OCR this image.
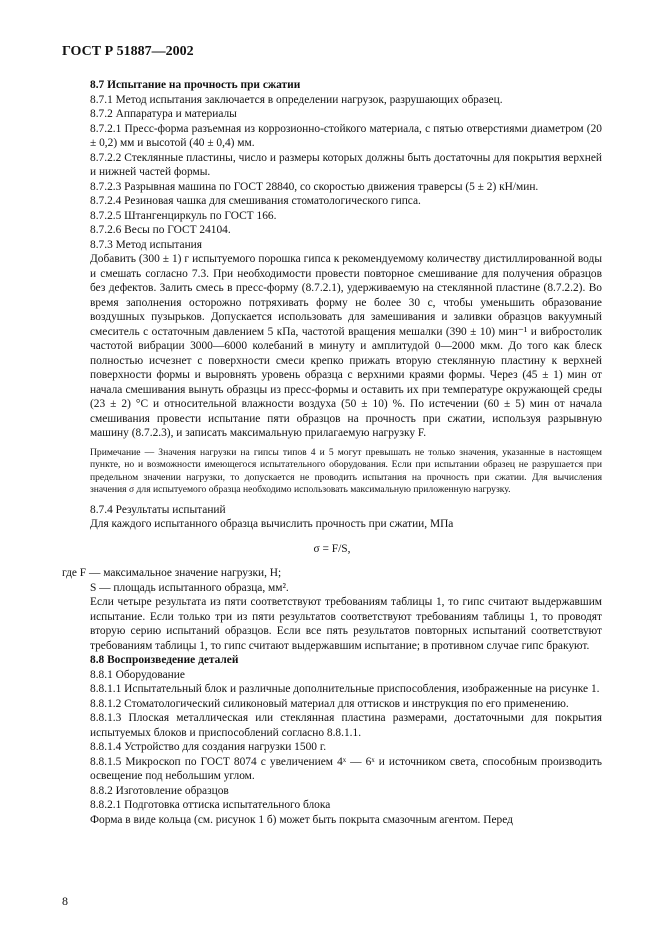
ГОСТ Р 51887—2002

8.7 Испытание на прочность при сжатии

8.7.1 Метод испытания заключается в определении нагрузок, разрушающих образец.

8.7.2 Аппаратура и материалы

8.7.2.1 Пресс-форма разъемная из коррозионно-стойкого материала, с пятью отверстиями диаметром (20 ± 0,2) мм и высотой (40 ± 0,4) мм.

8.7.2.2 Стеклянные пластины, число и размеры которых должны быть достаточны для покрытия верхней и нижней частей формы.

8.7.2.3 Разрывная машина по ГОСТ 28840, со скоростью движения траверсы (5 ± 2) кН/мин.

8.7.2.4 Резиновая чашка для смешивания стоматологического гипса.

8.7.2.5 Штангенциркуль по ГОСТ 166.

8.7.2.6 Весы по ГОСТ 24104.

8.7.3 Метод испытания

Добавить (300 ± 1) г испытуемого порошка гипса к рекомендуемому количеству дистиллированной воды и смешать согласно 7.3. При необходимости провести повторное смешивание для получения образцов без дефектов. Залить смесь в пресс-форму (8.7.2.1), удерживаемую на стеклянной пластине (8.7.2.2). Во время заполнения осторожно потряхивать форму не более 30 с, чтобы уменьшить образование воздушных пузырьков. Допускается использовать для замешивания и заливки образцов вакуумный смеситель с остаточным давлением 5 кПа, частотой вращения мешалки (390 ± 10) мин⁻¹ и вибростолик частотой вибрации 3000—6000 колебаний в минуту и амплитудой 0—2000 мкм. До того как блеск полностью исчезнет с поверхности смеси крепко прижать вторую стеклянную пластину к верхней поверхности формы и выровнять уровень образца с верхними краями формы. Через (45 ± 1) мин от начала смешивания вынуть образцы из пресс-формы и оставить их при температуре окружающей среды (23 ± 2) °С и относительной влажности воздуха (50 ± 10) %. По истечении (60 ± 5) мин от начала смешивания провести испытание пяти образцов на прочность при сжатии, используя разрывную машину (8.7.2.3), и записать максимальную прилагаемую нагрузку F.

Примечание — Значения нагрузки на гипсы типов 4 и 5 могут превышать не только значения, указанные в настоящем пункте, но и возможности имеющегося испытательного оборудования. Если при испытании образец не разрушается при предельном значении нагрузки, то допускается не проводить испытания на прочность при сжатии. Для вычисления значения σ для испытуемого образца необходимо использовать максимальную приложенную нагрузку.

8.7.4 Результаты испытаний

Для каждого испытанного образца вычислить прочность при сжатии, МПа

σ = F/S,

где F — максимальное значение нагрузки, Н;

S — площадь испытанного образца, мм².

Если четыре результата из пяти соответствуют требованиям таблицы 1, то гипс считают выдержавшим испытание. Если только три из пяти результатов соответствуют требованиям таблицы 1, то проводят вторую серию испытаний образцов. Если все пять результатов повторных испытаний соответствуют требованиям таблицы 1, то гипс считают выдержавшим испытание; в противном случае гипс бракуют.

8.8 Воспроизведение деталей

8.8.1 Оборудование

8.8.1.1 Испытательный блок и различные дополнительные приспособления, изображенные на рисунке 1.

8.8.1.2 Стоматологический силиконовый материал для оттисков и инструкция по его применению.

8.8.1.3 Плоская металлическая или стеклянная пластина размерами, достаточными для покрытия испытуемых блоков и приспособлений согласно 8.8.1.1.

8.8.1.4 Устройство для создания нагрузки 1500 г.

8.8.1.5 Микроскоп по ГОСТ 8074 с увеличением 4ˣ — 6ˣ и источником света, способным производить освещение под небольшим углом.

8.8.2 Изготовление образцов

8.8.2.1 Подготовка оттиска испытательного блока

Форма в виде кольца (см. рисунок 1 б) может быть покрыта смазочным агентом. Перед

8
